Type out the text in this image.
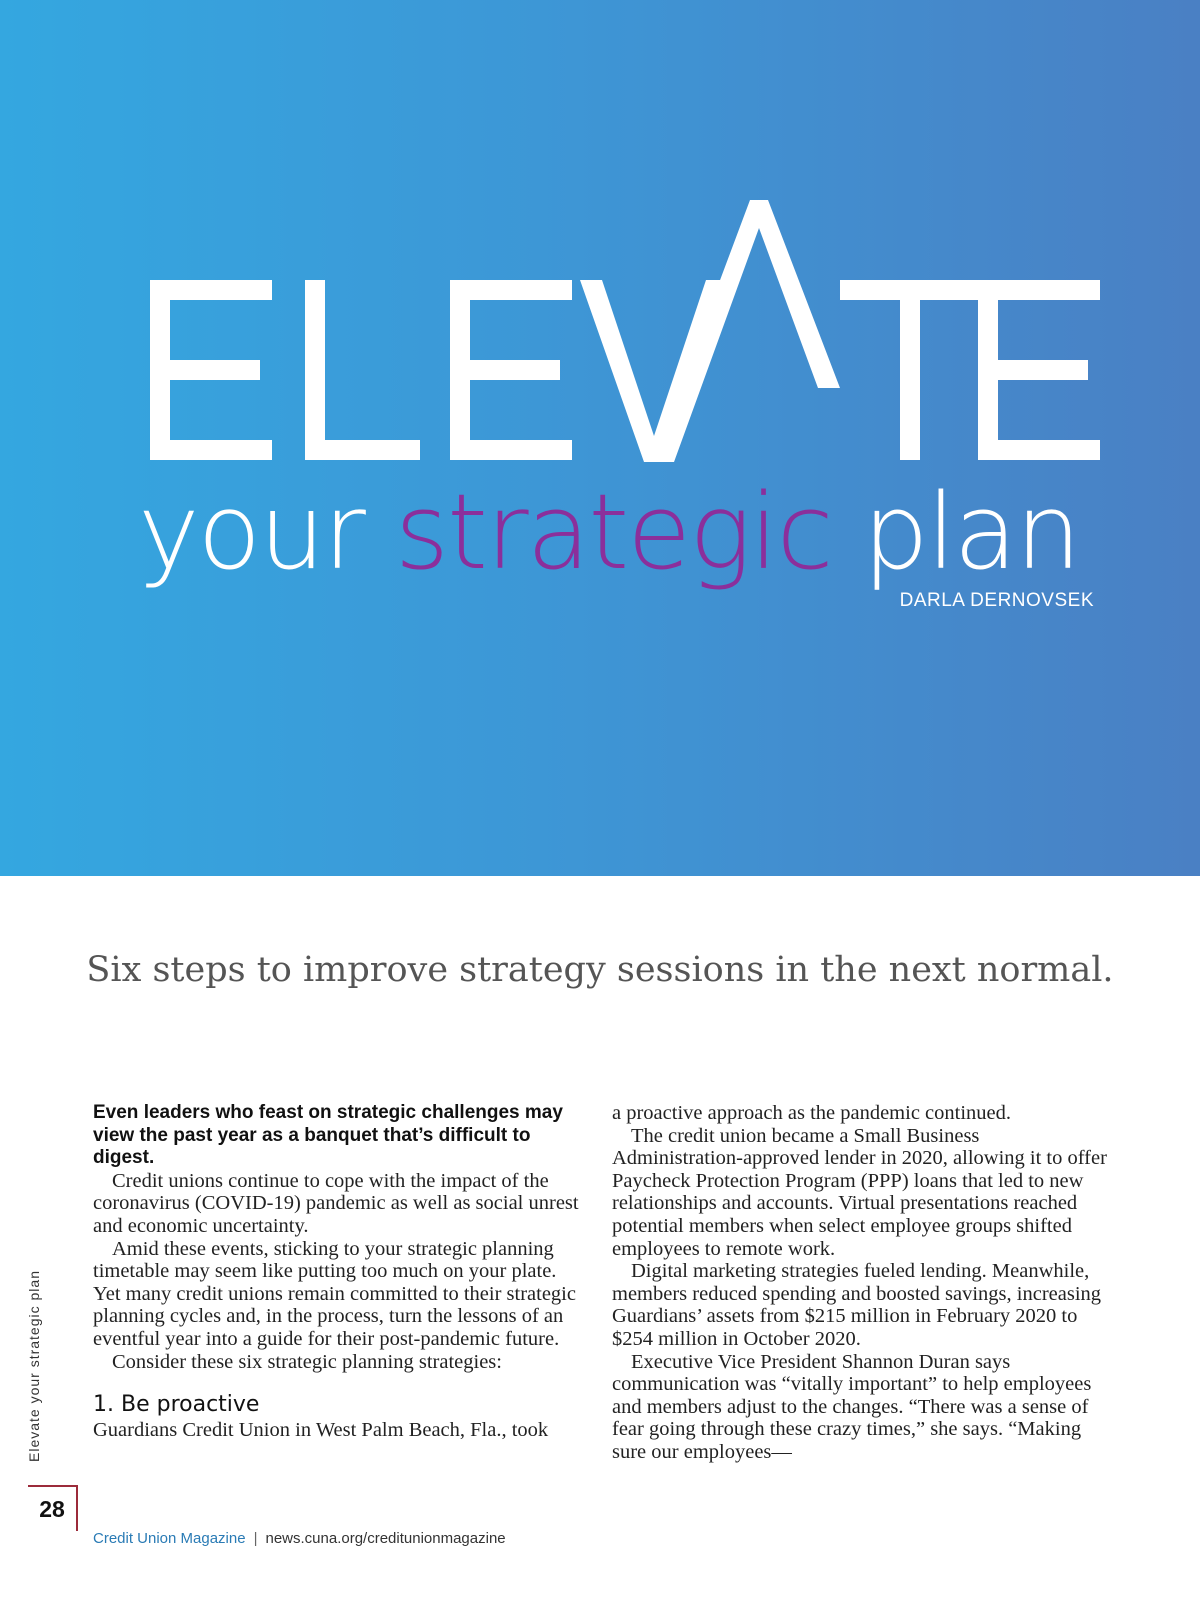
your strategic plan
DARLA DERNOVSEK
Six steps to improve strategy sessions in the next normal.

Even leaders who feast on strategic challenges may view the past year as a banquet that’s difficult to digest.

Credit unions continue to cope with the impact of the coronavirus (COVID-19) pandemic as well as social unrest and economic uncertainty.

Amid these events, sticking to your strategic planning timetable may seem like putting too much on your plate. Yet many credit unions remain committed to their strategic planning cycles and, in the process, turn the lessons of an eventful year into a guide for their post-pandemic future.

Consider these six strategic planning strategies:

1. Be proactive

Guardians Credit Union in West Palm Beach, Fla., took

a proactive approach as the pandemic continued.

The credit union became a Small Business Administration-approved lender in 2020, allowing it to offer Paycheck Protection Program (PPP) loans that led to new relationships and accounts. Virtual presentations reached potential members when select employee groups shifted employees to remote work.

Digital marketing strategies fueled lending. Meanwhile, members reduced spending and boosted savings, increasing Guardians’ assets from $215 million in February 2020 to $254 million in October 2020.

Executive Vice President Shannon Duran says communication was “vitally important” to help employees and members adjust to the changes. “There was a sense of fear going through these crazy times,” she says. “Making sure our employees—

Elevate your strategic plan
28
Credit Union Magazine | news.cuna.org/creditunionmagazine
